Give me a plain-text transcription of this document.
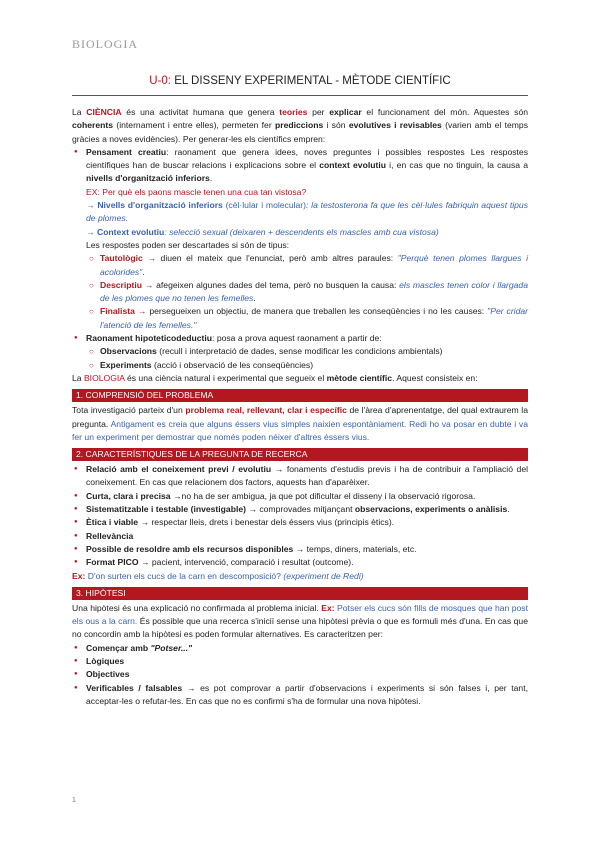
BIOLOGIA
U-0: EL DISSENY EXPERIMENTAL - MÈTODE CIENTÍFIC

La CIÈNCIA és una activitat humana que genera teories per explicar el funcionament del món. Aquestes són coherents (internament i entre elles), permeten fer prediccions i són evolutives i revisables (varien amb el temps gràcies a noves evidències). Per generar-les els científics empren:

● Pensament creatiu: raonament que genera idees, noves preguntes i possibles respostes Les respostes científiques han de buscar relacions i explicacions sobre el context evolutiu i, en cas que no tinguin, la causa a nivells d'organització inferiors.

EX: Per què els paons mascle tenen una cua tan vistosa?

→ Nivells d'organització inferiors (cèl·lular i molecular): la testosterona fa que les cèl·lules fabriquin aquest tipus de plomes.

→ Context evolutiu: selecció sexual (deixaren + descendents els mascles amb cua vistosa)

Les respostes poden ser descartades si són de tipus:

○ Tautològic → diuen el mateix que l'enunciat, però amb altres paraules: "Perquè tenen plomes llargues i acolorides".

○ Descriptiu → afegeixen algunes dades del tema, però no busquen la causa: els mascles tenen color i llargada de les plomes que no tenen les femelles.

○ Finalista → persegueixen un objectiu, de manera que treballen les conseqüències i no les causes: "Per cridar l'atenció de les femelles."

● Raonament hipoteticodeductiu: posa a prova aquest raonament a partir de:

○ Observacions (recull i interpretació de dades, sense modificar les condicions ambientals)

○ Experiments (acció i observació de les conseqüències)

La BIOLOGIA és una ciència natural i experimental que segueix el mètode científic. Aquest consisteix en:

1. COMPRENSIÓ DEL PROBLEMA

Tota investigació parteix d'un problema real, rellevant, clar i específic de l'àrea d'aprenentatge, del qual extraurem la pregunta. Antigament es creia que alguns éssers vius simples naixien espontàniament. Redi ho va posar en dubte i va fer un experiment per demostrar que només poden néixer d'altres éssers vius.

2. CARACTERÍSTIQUES DE LA PREGUNTA DE RECERCA

● Relació amb el coneixement previ / evolutiu → fonaments d'estudis previs i ha de contribuir a l'ampliació del coneixement. En cas que relacionem dos factors, aquests han d'aparèixer.

● Curta, clara i precisa →no ha de ser ambigua, ja que pot dificultar el disseny i la observació rigorosa.

● Sistematitzable i testable (investigable) → comprovades mitjançant observacions, experiments o anàlisis.

● Ètica i viable → respectar lleis, drets i benestar dels éssers vius (principis ètics).

● Rellevància

● Possible de resoldre amb els recursos disponibles → temps, diners, materials, etc.

● Format PICO → pacient, intervenció, comparació i resultat (outcome).

Ex: D'on surten els cucs de la carn en descomposició? (experiment de Redi)

3. HIPÒTESI

Una hipòtesi és una explicació no confirmada al problema inicial. Ex: Potser els cucs són fills de mosques que han post els ous a la carn. És possible que una recerca s'iniciï sense una hipòtesi prèvia o que es formuli més d'una. En cas que no concordin amb la hipòtesi es poden formular alternatives. Es caracteritzen per:

● Començar amb "Potser..."

● Lògiques

● Objectives

● Verificables / falsables → es pot comprovar a partir d'observacions i experiments si són falses i, per tant, acceptar-les o refutar-les. En cas que no es confirmi s'ha de formular una nova hipòtesi.

1
